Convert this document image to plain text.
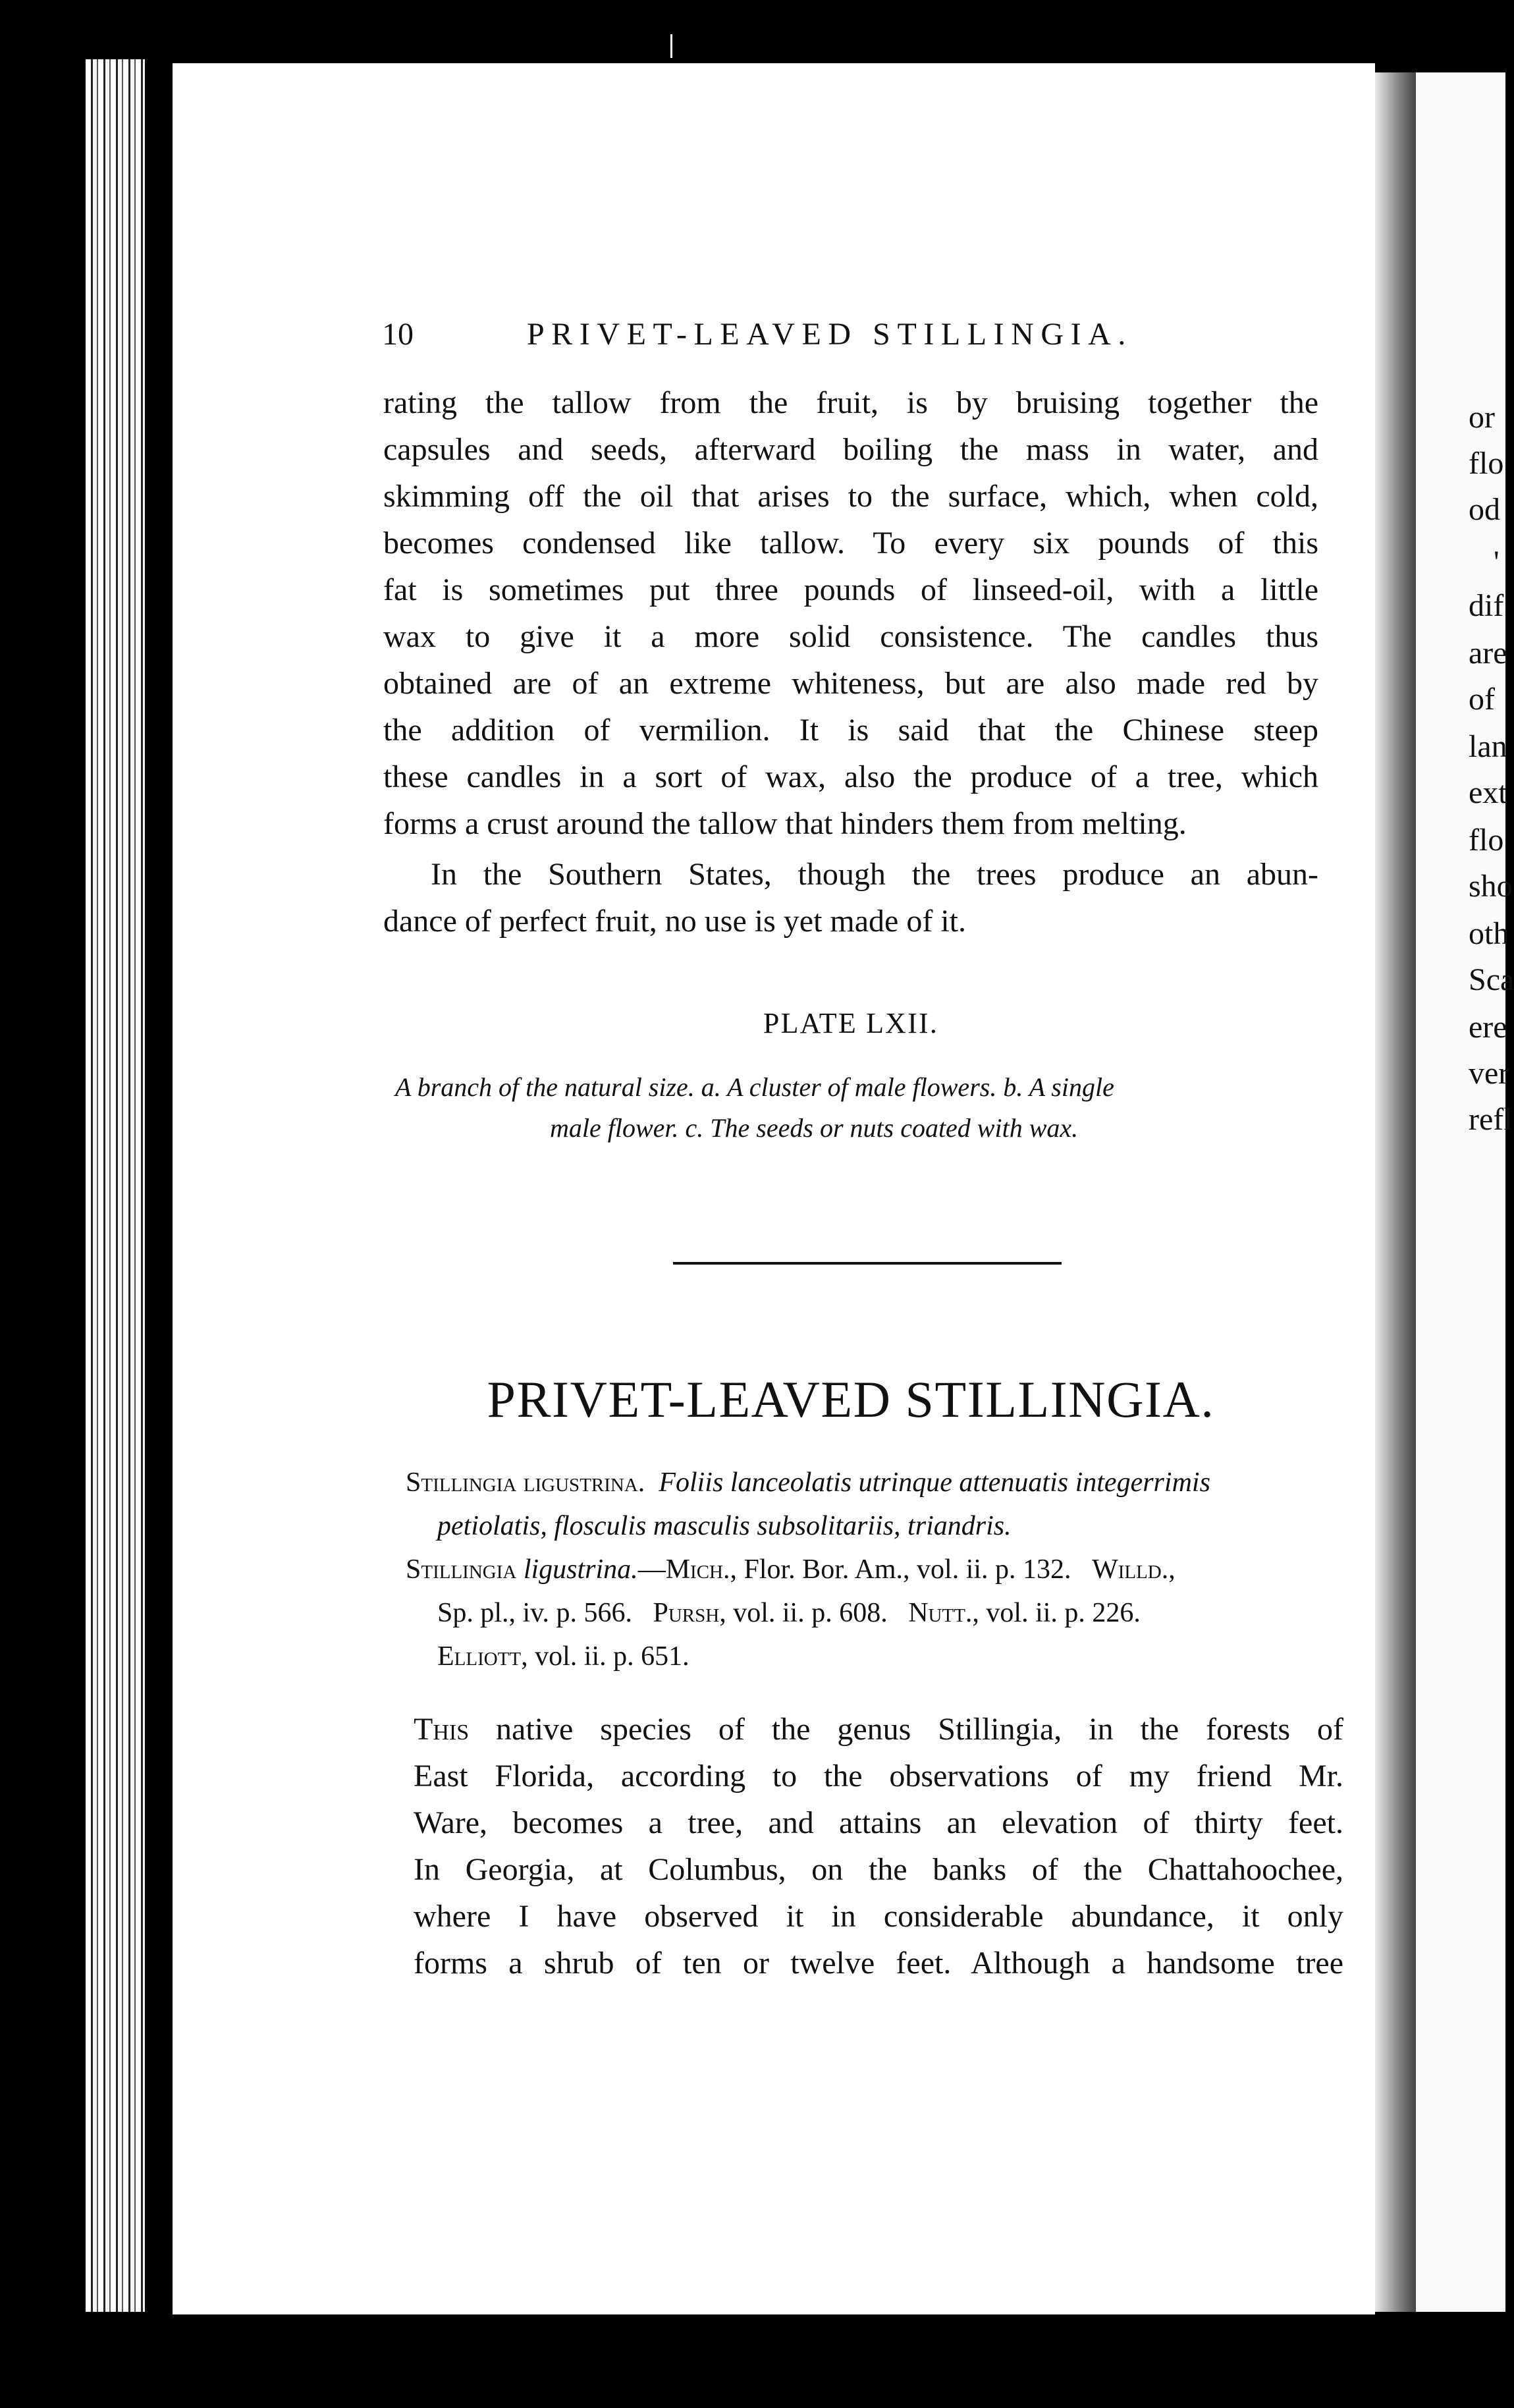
10	PRIVET-LEAVED STILLINGIA.
rating the tallow from the fruit, is by bruising together the
capsules and seeds, afterward boiling the mass in water, and
skimming off the oil that arises to the surface, which, when cold,
becomes condensed like tallow. To every six pounds of this
fat is sometimes put three pounds of linseed-oil, with a little
wax to give it a more solid consistence. The candles thus
obtained are of an extreme whiteness, but are also made red by
the addition of vermilion. It is said that the Chinese steep
these candles in a sort of wax, also the produce of a tree, which
forms a crust around the tallow that hinders them from melting.
In the Southern States, though the trees produce an abun-
dance of perfect fruit, no use is yet made of it.
PLATE LXII.
A branch of the natural size. a. A cluster of male flowers. b. A single
male flower. c. The seeds or nuts coated with wax.
PRIVET-LEAVED STILLINGIA.
Stillingia ligustrina. Foliis lanceolatis utrinque attenuatis integerrimis
petiolatis, flosculis masculis subsolitariis, triandris.
Stillingia ligustrina.—Mich., Flor. Bor. Am., vol. ii. p. 132. Willd.,
Sp. pl., iv. p. 566. Pursh, vol. ii. p. 608. Nutt., vol. ii. p. 226.
Elliott, vol. ii. p. 651.
This native species of the genus Stillingia, in the forests of
East Florida, according to the observations of my friend Mr.
Ware, becomes a tree, and attains an elevation of thirty feet.
In Georgia, at Columbus, on the banks of the Chattahoochee,
where I have observed it in considerable abundance, it only
forms a shrub of ten or twelve feet. Although a handsome tree
or
flo
od
'
dif
are
of
lan
ext
flo
sho
oth
Sca
ere
ver
refl
